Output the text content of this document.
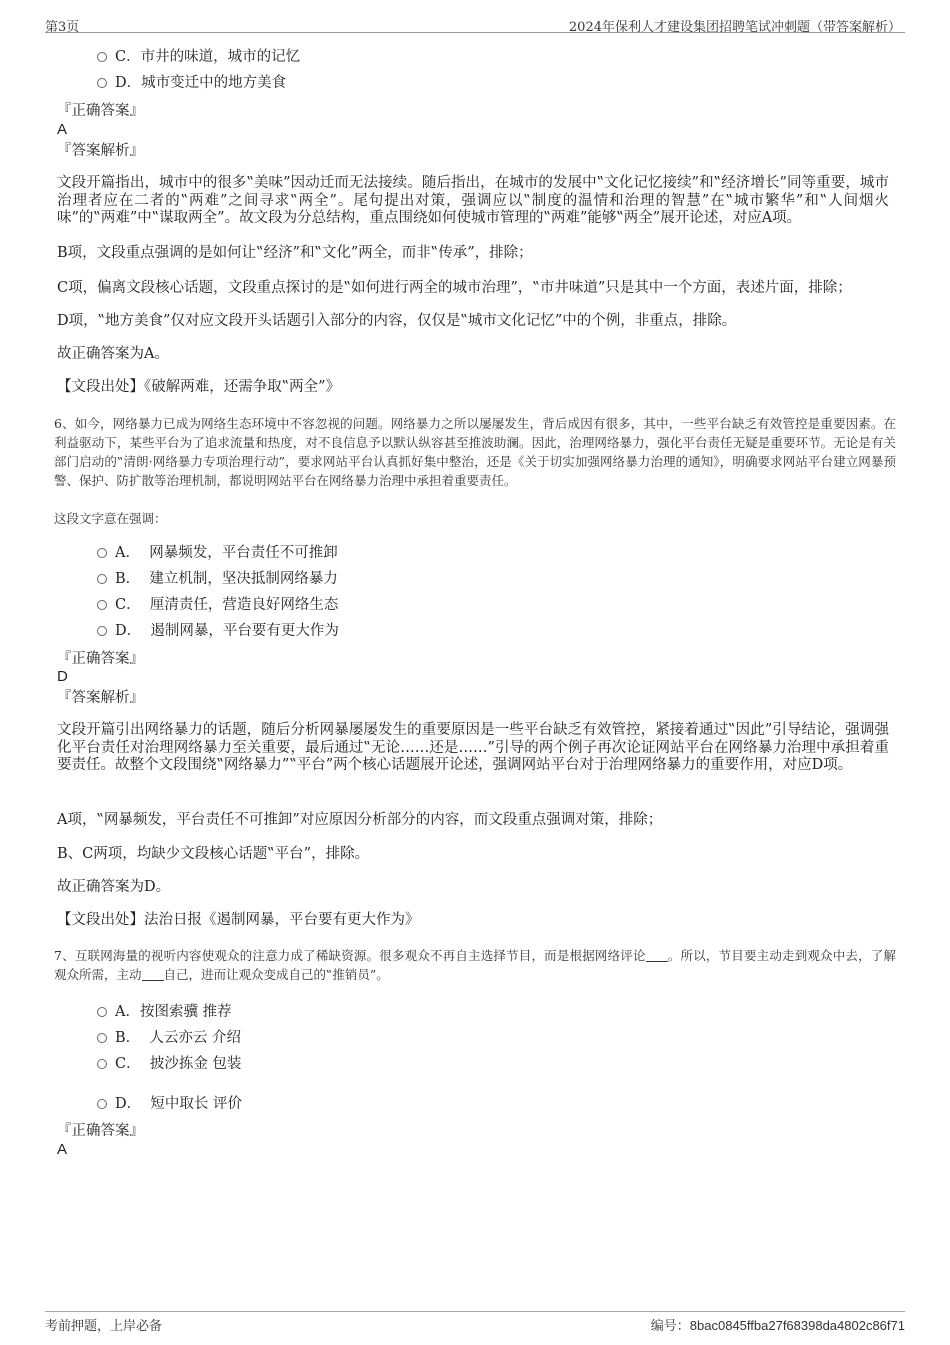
第3页	2024年保利人才建设集团招聘笔试冲刺题（带答案解析）
C．市井的味道，城市的记忆
D．城市变迁中的地方美食
『正确答案』
A
『答案解析』
文段开篇指出，城市中的很多‟美味”因动迁而无法接续。随后指出，在城市的发展中‟文化记忆接续”和‟经济增长”同等重要，城市治理者应在二者的‟两难”之间寻求‟两全”。尾句提出对策，强调应以‟制度的温情和治理的智慧”在‟城市繁华”和‟人间烟火味”的‟两难”中‟谋取两全”。故文段为分总结构，重点围绕如何使城市管理的‟两难”能够‟两全”展开论述，对应A项。
B项，文段重点强调的是如何让‟经济”和‟文化”两全，而非‟传承”，排除；
C项，偏离文段核心话题，文段重点探讨的是‟如何进行两全的城市治理”，‟市井味道”只是其中一个方面，表述片面，排除；
D项，‟地方美食”仅对应文段开头话题引入部分的内容，仅仅是‟城市文化记忆”中的个例，非重点，排除。
故正确答案为A。
【文段出处】《破解两难，还需争取‟两全”》
6、如今，网络暴力已成为网络生态环境中不容忽视的问题。网络暴力之所以屡屡发生，背后成因有很多，其中，一些平台缺乏有效管控是重要因素。在利益驱动下，某些平台为了追求流量和热度，对不良信息予以默认纵容甚至推波助澜。因此，治理网络暴力，强化平台责任无疑是重要环节。无论是有关部门启动的‟清朗·网络暴力专项治理行动”，要求网站平台认真抓好集中整治，还是《关于切实加强网络暴力治理的通知》，明确要求网站平台建立网暴预警、保护、防扩散等治理机制，都说明网站平台在网络暴力治理中承担着重要责任。
这段文字意在强调：
A． 网暴频发，平台责任不可推卸
B． 建立机制，坚决抵制网络暴力
C． 厘清责任，营造良好网络生态
D． 遏制网暴，平台要有更大作为
『正确答案』
D
『答案解析』
文段开篇引出网络暴力的话题，随后分析网暴屡屡发生的重要原因是一些平台缺乏有效管控，紧接着通过‟因此”引导结论，强调强化平台责任对治理网络暴力至关重要，最后通过‟无论……还是……”引导的两个例子再次论证网站平台在网络暴力治理中承担着重要责任。故整个文段围绕‟网络暴力”‟平台”两个核心话题展开论述，强调网站平台对于治理网络暴力的重要作用，对应D项。
A项，‟网暴频发，平台责任不可推卸”对应原因分析部分的内容，而文段重点强调对策，排除；
B、C两项，均缺少文段核心话题‟平台”，排除。
故正确答案为D。
【文段出处】法治日报《遏制网暴，平台要有更大作为》
7、互联网海量的视听内容使观众的注意力成了稀缺资源。很多观众不再自主选择节目，而是根据网络评论 。所以，节目要主动走到观众中去，了解观众所需，主动 自己，进而让观众变成自己的‟推销员”。
A．按图索骥 推荐
B． 人云亦云 介绍
C． 披沙拣金 包装
D． 短中取长 评价
『正确答案』
A
考前押题，上岸必备	编号：8bac0845ffba27f68398da4802c86f71
